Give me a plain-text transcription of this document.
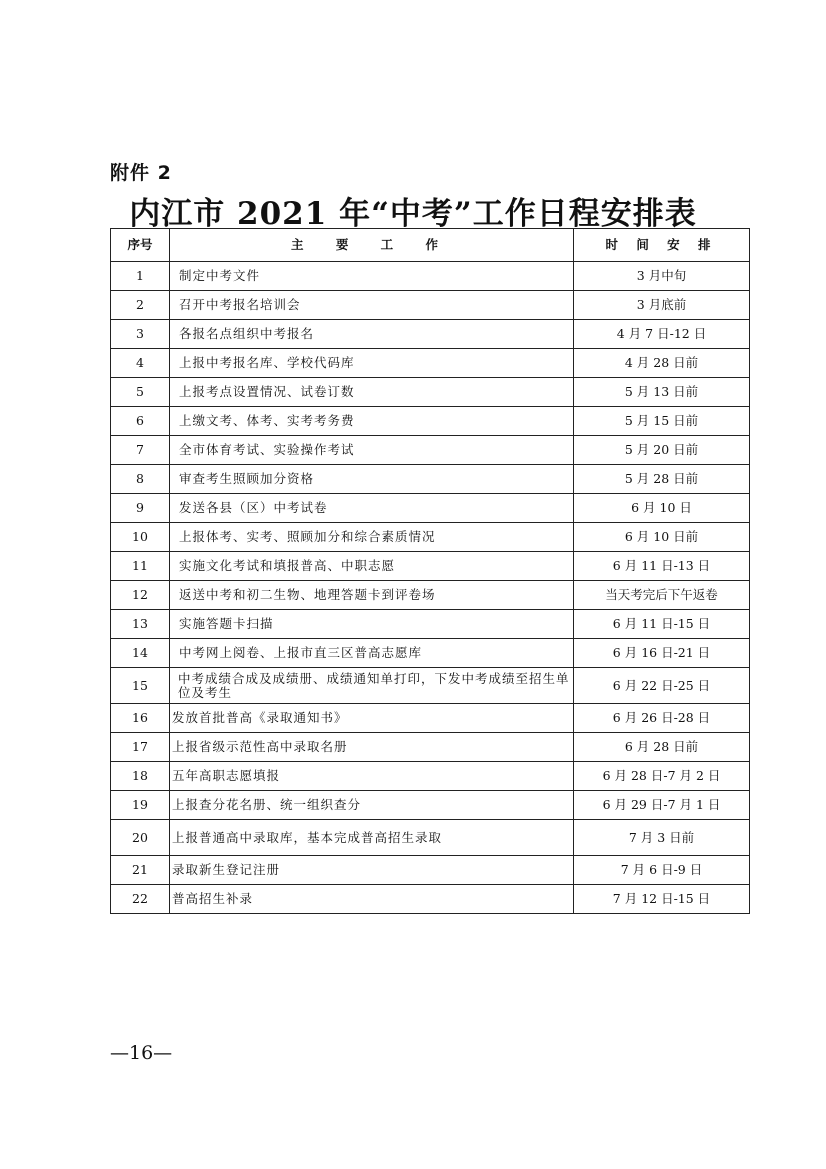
附件 2
内江市 2021 年“中考”工作日程安排表
序号	主 要 工 作	时 间 安 排
1	制定中考文件	3 月中旬
2	召开中考报名培训会	3 月底前
3	各报名点组织中考报名	4 月 7 日-12 日
4	上报中考报名库、学校代码库	4 月 28 日前
5	上报考点设置情况、试卷订数	5 月 13 日前
6	上缴文考、体考、实考考务费	5 月 15 日前
7	全市体育考试、实验操作考试	5 月 20 日前
8	审查考生照顾加分资格	5 月 28 日前
9	发送各县（区）中考试卷	6 月 10 日
10	上报体考、实考、照顾加分和综合素质情况	6 月 10 日前
11	实施文化考试和填报普高、中职志愿	6 月 11 日-13 日
12	返送中考和初二生物、地理答题卡到评卷场	当天考完后下午返卷
13	实施答题卡扫描	6 月 11 日-15 日
14	中考网上阅卷、上报市直三区普高志愿库	6 月 16 日-21 日
15	中考成绩合成及成绩册、成绩通知单打印，下发中考成绩至招生单位及考生	6 月 22 日-25 日
16	发放首批普高《录取通知书》	6 月 26 日-28 日
17	上报省级示范性高中录取名册	6 月 28 日前
18	五年高职志愿填报	6 月 28 日-7 月 2 日
19	上报查分花名册、统一组织查分	6 月 29 日-7 月 1 日
20	上报普通高中录取库，基本完成普高招生录取	7 月 3 日前
21	录取新生登记注册	7 月 6 日-9 日
22	普高招生补录	7 月 12 日-15 日
—16—
